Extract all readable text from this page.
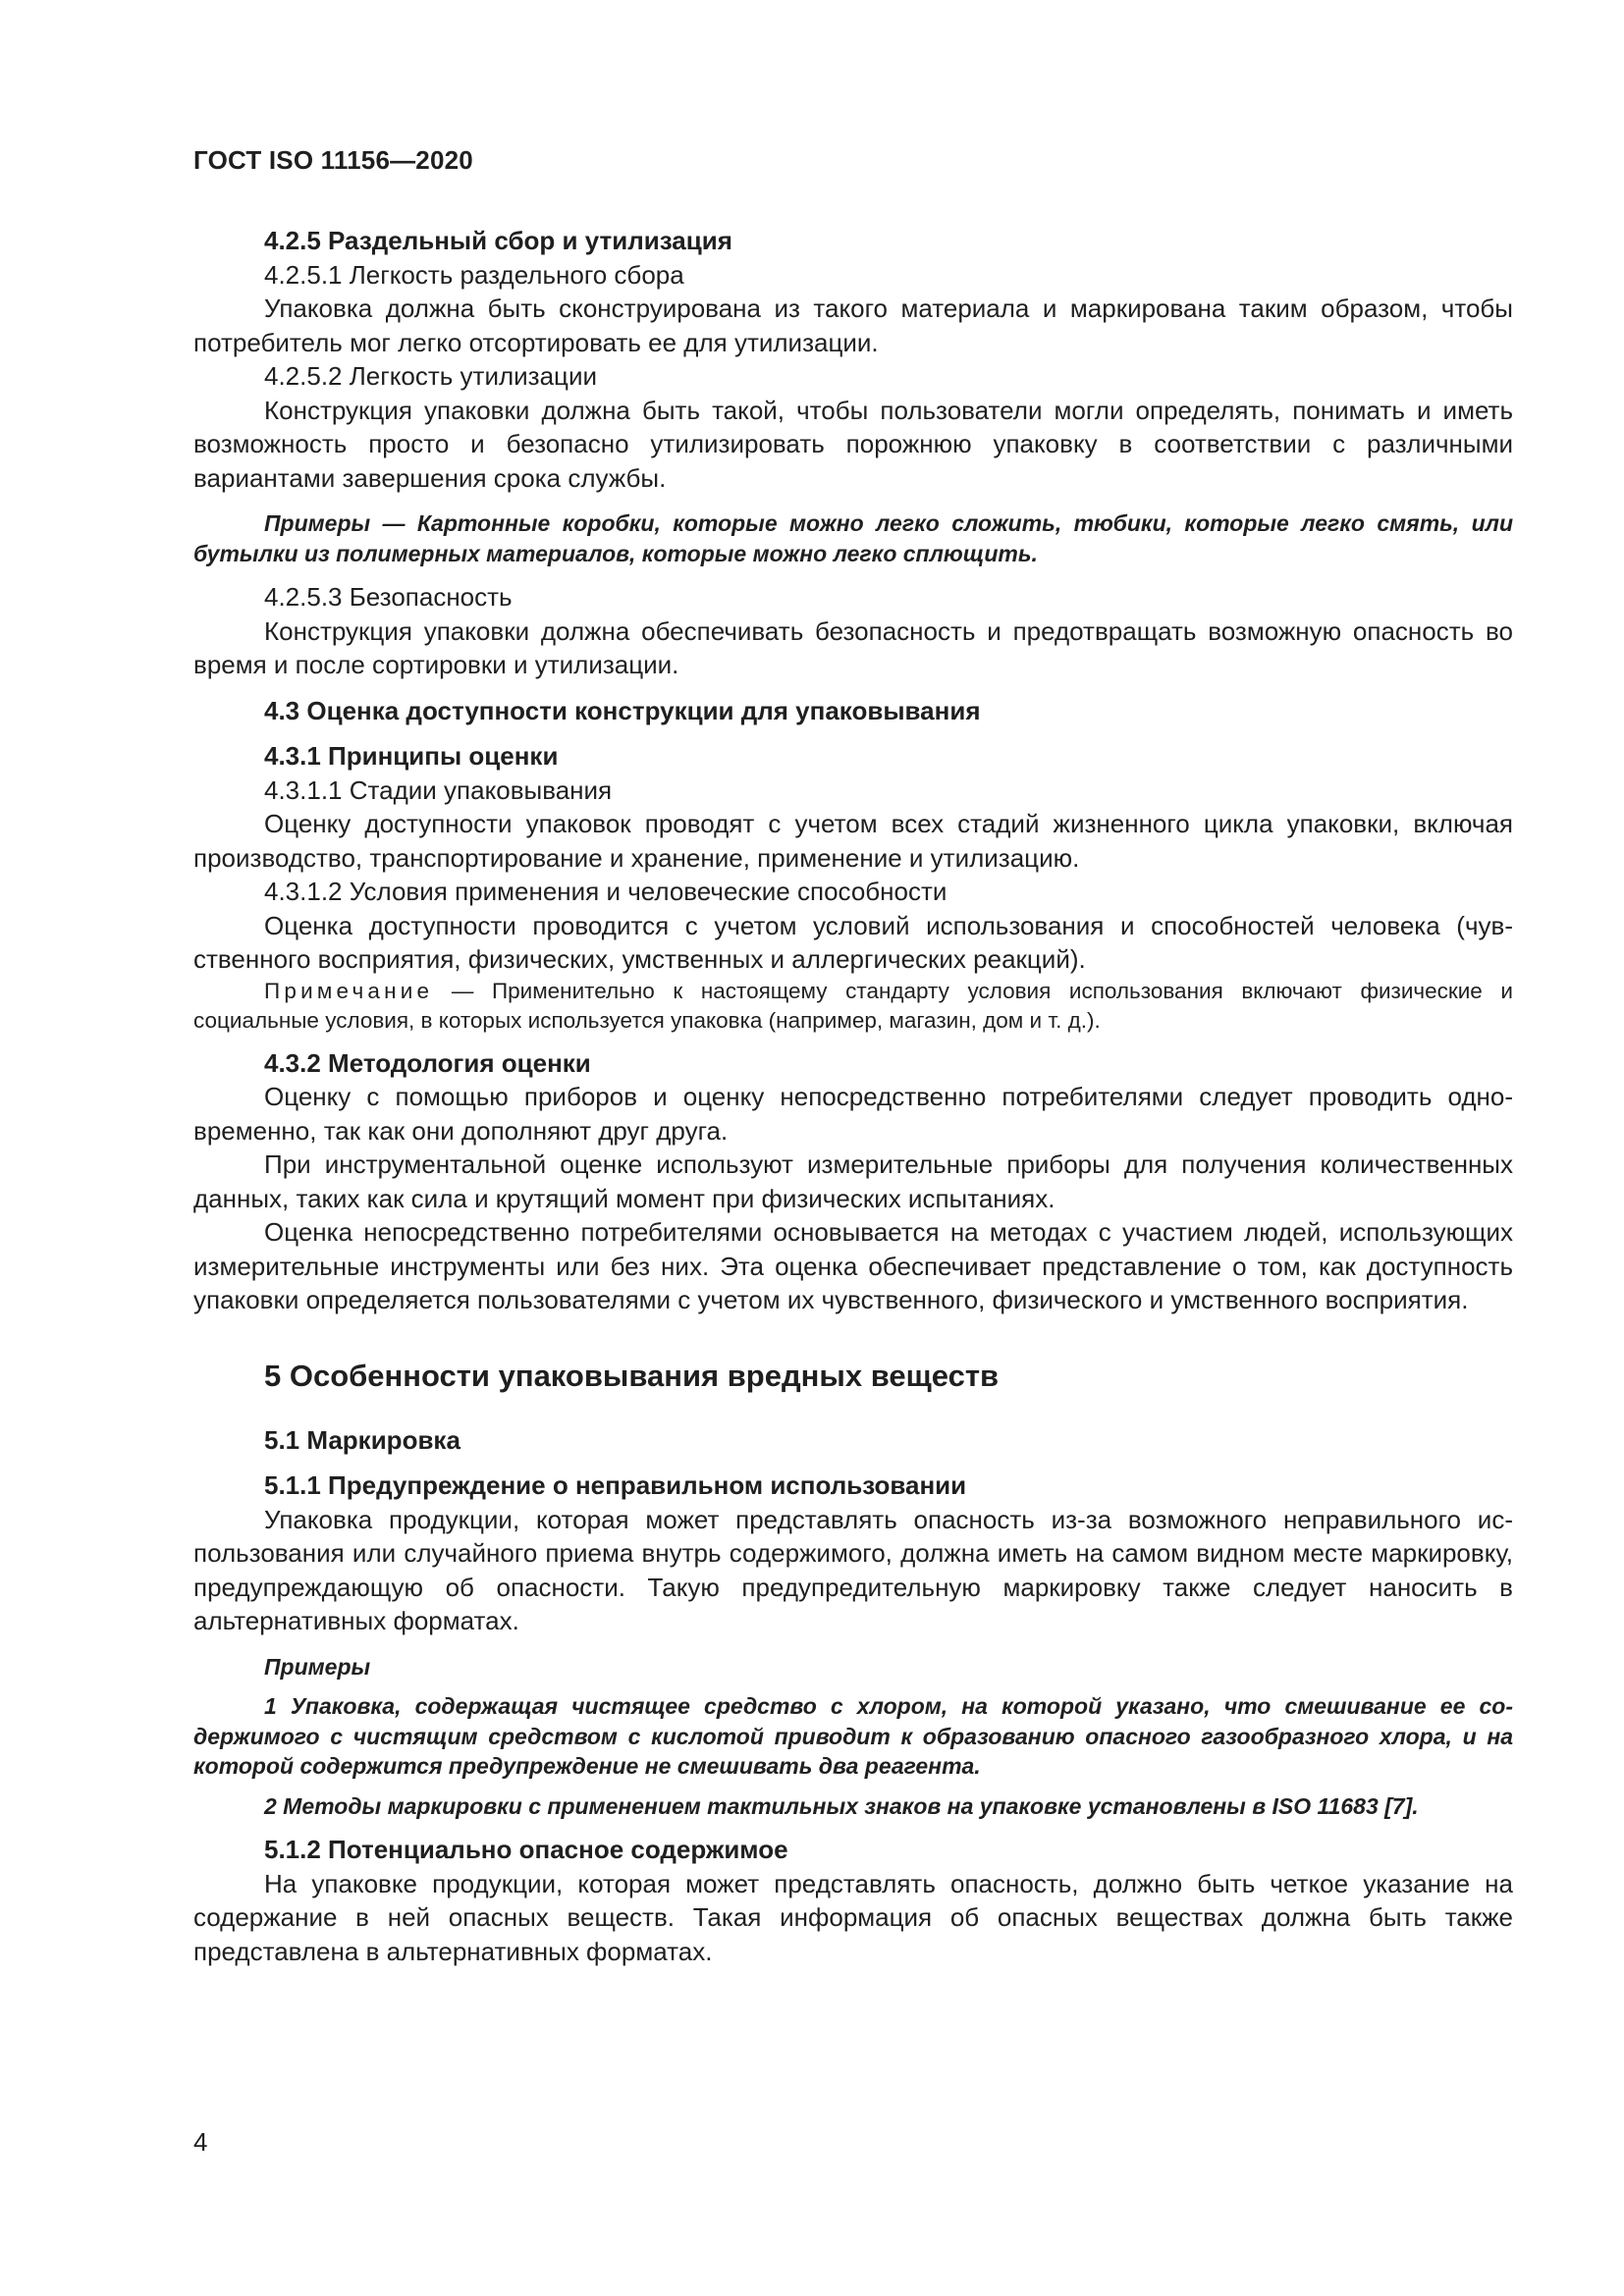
ГОСТ ISO 11156—2020
4.2.5 Раздельный сбор и утилизация

4.2.5.1 Легкость раздельного сбора

Упаковка должна быть сконструирована из такого материала и маркирована таким образом, чтобы потребитель мог легко отсортировать ее для утилизации.

4.2.5.2 Легкость утилизации

Конструкция упаковки должна быть такой, чтобы пользователи могли определять, понимать и иметь возможность просто и безопасно утилизировать порожнюю упаковку в соответствии с различными вариантами завершения срока службы.

Примеры — Картонные коробки, которые можно легко сложить, тюбики, которые легко смять, или бутылки из полимерных материалов, которые можно легко сплющить.

4.2.5.3 Безопасность

Конструкция упаковки должна обеспечивать безопасность и предотвращать возможную опасность во время и после сортировки и утилизации.

4.3 Оценка доступности конструкции для упаковывания
4.3.1 Принципы оценки

4.3.1.1 Стадии упаковывания

Оценку доступности упаковок проводят с учетом всех стадий жизненного цикла упаковки, включая производство, транспортирование и хранение, применение и утилизацию.

4.3.1.2 Условия применения и человеческие способности

Оценка доступности проводится с учетом условий использования и способностей человека (чувственного восприятия, физических, умственных и аллергических реакций).

Примечание — Применительно к настоящему стандарту условия использования включают физические и социальные условия, в которых используется упаковка (например, магазин, дом и т. д.).

4.3.2 Методология оценки

Оценку с помощью приборов и оценку непосредственно потребителями следует проводить одновременно, так как они дополняют друг друга.

При инструментальной оценке используют измерительные приборы для получения количественных данных, таких как сила и крутящий момент при физических испытаниях.

Оценка непосредственно потребителями основывается на методах с участием людей, использующих измерительные инструменты или без них. Эта оценка обеспечивает представление о том, как доступность упаковки определяется пользователями с учетом их чувственного, физического и умственного восприятия.

5 Особенности упаковывания вредных веществ
5.1 Маркировка
5.1.1 Предупреждение о неправильном использовании

Упаковка продукции, которая может представлять опасность из-за возможного неправильного использования или случайного приема внутрь содержимого, должна иметь на самом видном месте маркировку, предупреждающую об опасности. Такую предупредительную маркировку также следует наносить в альтернативных форматах.

Примеры

1 Упаковка, содержащая чистящее средство с хлором, на которой указано, что смешивание ее содержимого с чистящим средством с кислотой приводит к образованию опасного газообразного хлора, и на которой содержится предупреждение не смешивать два реагента.

2 Методы маркировки с применением тактильных знаков на упаковке установлены в ISO 11683 [7].

5.1.2 Потенциально опасное содержимое

На упаковке продукции, которая может представлять опасность, должно быть четкое указание на содержание в ней опасных веществ. Такая информация об опасных веществах должна быть также представлена в альтернативных форматах.

4
